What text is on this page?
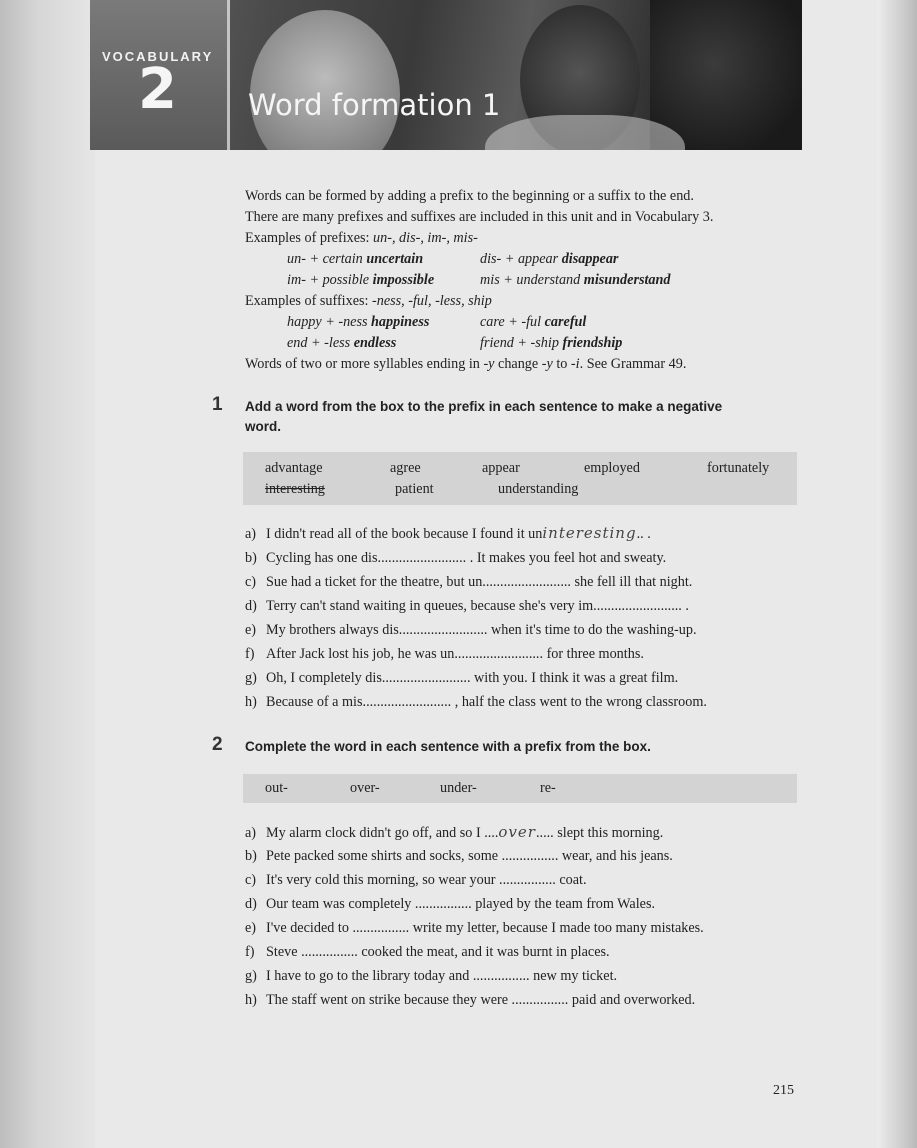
VOCABULARY
2 Word formation 1
Words can be formed by adding a prefix to the beginning or a suffix to the end.
There are many prefixes and suffixes are included in this unit and in Vocabulary 3.
Examples of prefixes: un-, dis-, im-, mis-
un- + certain uncertain	dis- + appear disappear
im- + possible impossible	mis + understand misunderstand
Examples of suffixes: -ness, -ful, -less, ship
happy + -ness happiness	care + -ful careful
end + -less endless	friend + -ship friendship
Words of two or more syllables ending in -y change -y to -i. See Grammar 49.
1 Add a word from the box to the prefix in each sentence to make a negative
word.
advantage	agree	appear	employed	fortunately
interesting	patient	understanding
a) I didn't read all of the book because I found it uninteresting.. .
b) Cycling has one dis......................... . It makes you feel hot and sweaty.
c) Sue had a ticket for the theatre, but un......................... she fell ill that night.
d) Terry can't stand waiting in queues, because she's very im......................... .
e) My brothers always dis......................... when it's time to do the washing-up.
f) After Jack lost his job, he was un......................... for three months.
g) Oh, I completely dis......................... with you. I think it was a great film.
h) Because of a mis......................... , half the class went to the wrong classroom.
2 Complete the word in each sentence with a prefix from the box.
out-	over-	under-	re-
a) My alarm clock didn't go off, and so I ....over..... slept this morning.
b) Pete packed some shirts and socks, some ................ wear, and his jeans.
c) It's very cold this morning, so wear your ................ coat.
d) Our team was completely ................ played by the team from Wales.
e) I've decided to ................ write my letter, because I made too many mistakes.
f) Steve ................ cooked the meat, and it was burnt in places.
g) I have to go to the library today and ................ new my ticket.
h) The staff went on strike because they were ................ paid and overworked.
215
